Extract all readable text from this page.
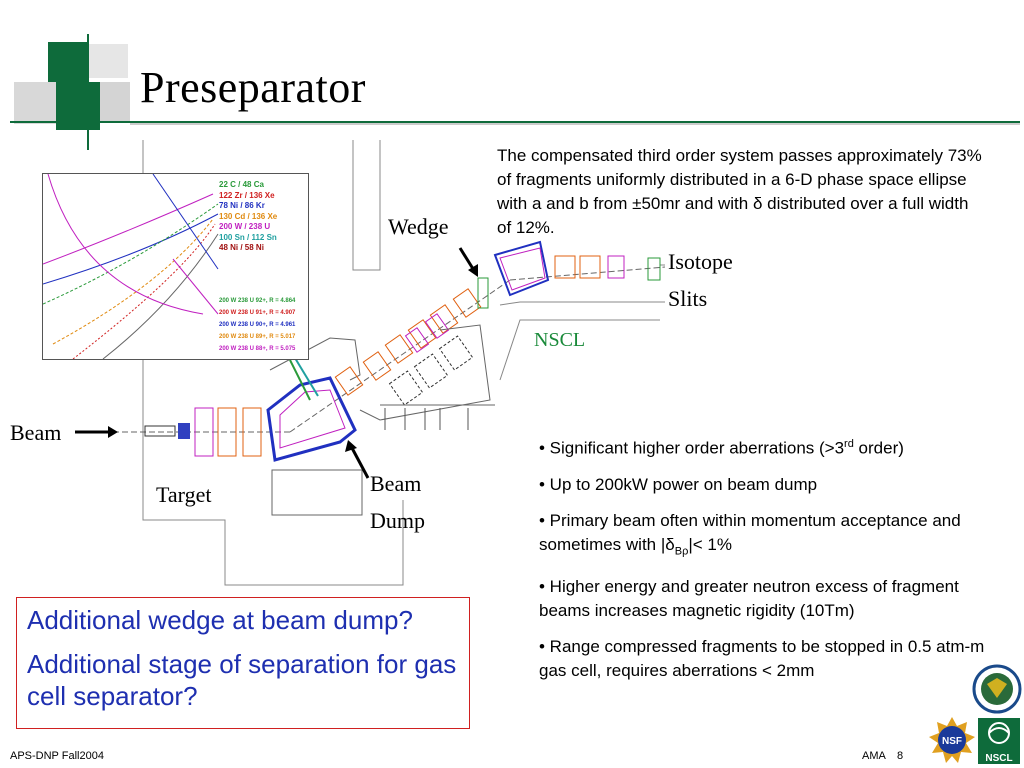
Preseparator
The compensated third order system passes approximately 73% of fragments uniformly distributed in a 6-D phase space ellipse with a and b from ±50mr and with δ distributed over a full width of 12%.
22 C / 48 Ca
122 Zr / 136 Xe
78 Ni / 86 Kr
130 Cd / 136 Xe
200 W / 238 U
100 Sn / 112 Sn
48 Ni / 58 Ni
200 W 238 U 92+, R = 4.864
200 W 238 U 91+, R = 4.907
200 W 238 U 90+, R = 4.961
200 W 238 U 89+, R = 5.017
200 W 238 U 88+, R = 5.075
Wedge
Isotope
Slits
NSCL
Beam
Target	Beam
Dump
• Significant higher order aberrations (>3rd order)
• Up to 200kW power on beam dump
• Primary beam often within momentum acceptance and sometimes with $|\delta_{B\rho}|< 1\%$
• Higher energy and greater neutron excess of fragment beams increases magnetic rigidity (10Tm)
• Range compressed fragments to be stopped in 0.5 atm-m gas cell, requires aberrations < 2mm
Additional wedge at beam dump?
Additional stage of separation for gas cell separator?
NSF
NSCL
APS-DNP Fall2004	AMA 8
